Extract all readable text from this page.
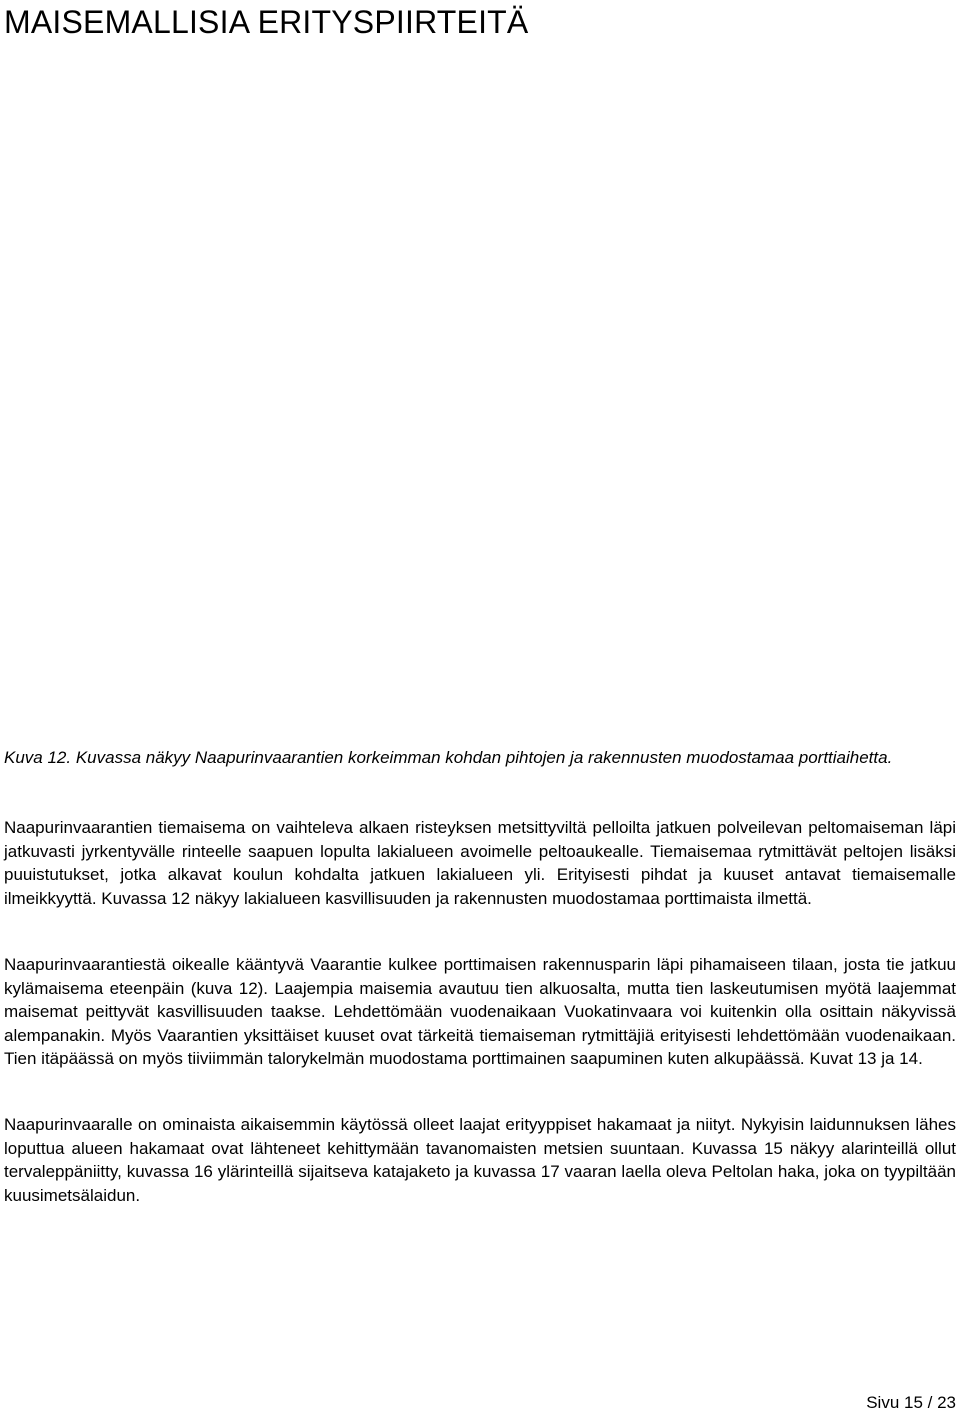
MAISEMALLISIA ERITYSPIIRTEITÄ

Kuva 12. Kuvassa näkyy Naapurinvaarantien korkeimman kohdan pihtojen ja rakennusten muodostamaa porttiaihetta.

Naapurinvaarantien tiemaisema on vaihteleva alkaen risteyksen metsittyviltä pelloilta jatkuen polveilevan peltomaiseman läpi jatkuvasti jyrkentyvälle rinteelle saapuen lopulta lakialueen avoimelle peltoaukealle. Tiemaisemaa rytmittävät peltojen lisäksi puuistutukset, jotka alkavat koulun kohdalta jatkuen lakialueen yli. Erityisesti pihdat ja kuuset antavat tiemaisemalle ilmeikkyyttä. Kuvassa 12 näkyy lakialueen kasvillisuuden ja rakennusten muodostamaa porttimaista ilmettä.

Naapurinvaarantiestä oikealle kääntyvä Vaarantie kulkee porttimaisen rakennusparin läpi pihamaiseen tilaan, josta tie jatkuu kylämaisema eteenpäin (kuva 12). Laajempia maisemia avautuu tien alkuosalta, mutta tien laskeutumisen myötä laajemmat maisemat peittyvät kasvillisuuden taakse. Lehdettömään vuodenaikaan Vuokatinvaara voi kuitenkin olla osittain näkyvissä alempanakin. Myös Vaarantien yksittäiset kuuset ovat tärkeitä tiemaiseman rytmittäjiä erityisesti lehdettömään vuodenaikaan. Tien itäpäässä on myös tiiviimmän talorykelmän muodostama porttimainen saapuminen kuten alkupäässä. Kuvat 13 ja 14.

Naapurinvaaralle on ominaista aikaisemmin käytössä olleet laajat erityyppiset hakamaat ja niityt. Nykyisin laidunnuksen lähes loputtua alueen hakamaat ovat lähteneet kehittymään tavanomaisten metsien suuntaan. Kuvassa 15 näkyy alarinteillä ollut tervaleppäniitty, kuvassa 16 ylärinteillä sijaitseva katajaketo ja kuvassa 17 vaaran laella oleva Peltolan haka, joka on tyypiltään kuusimetsälaidun.

Sivu 15 / 23
